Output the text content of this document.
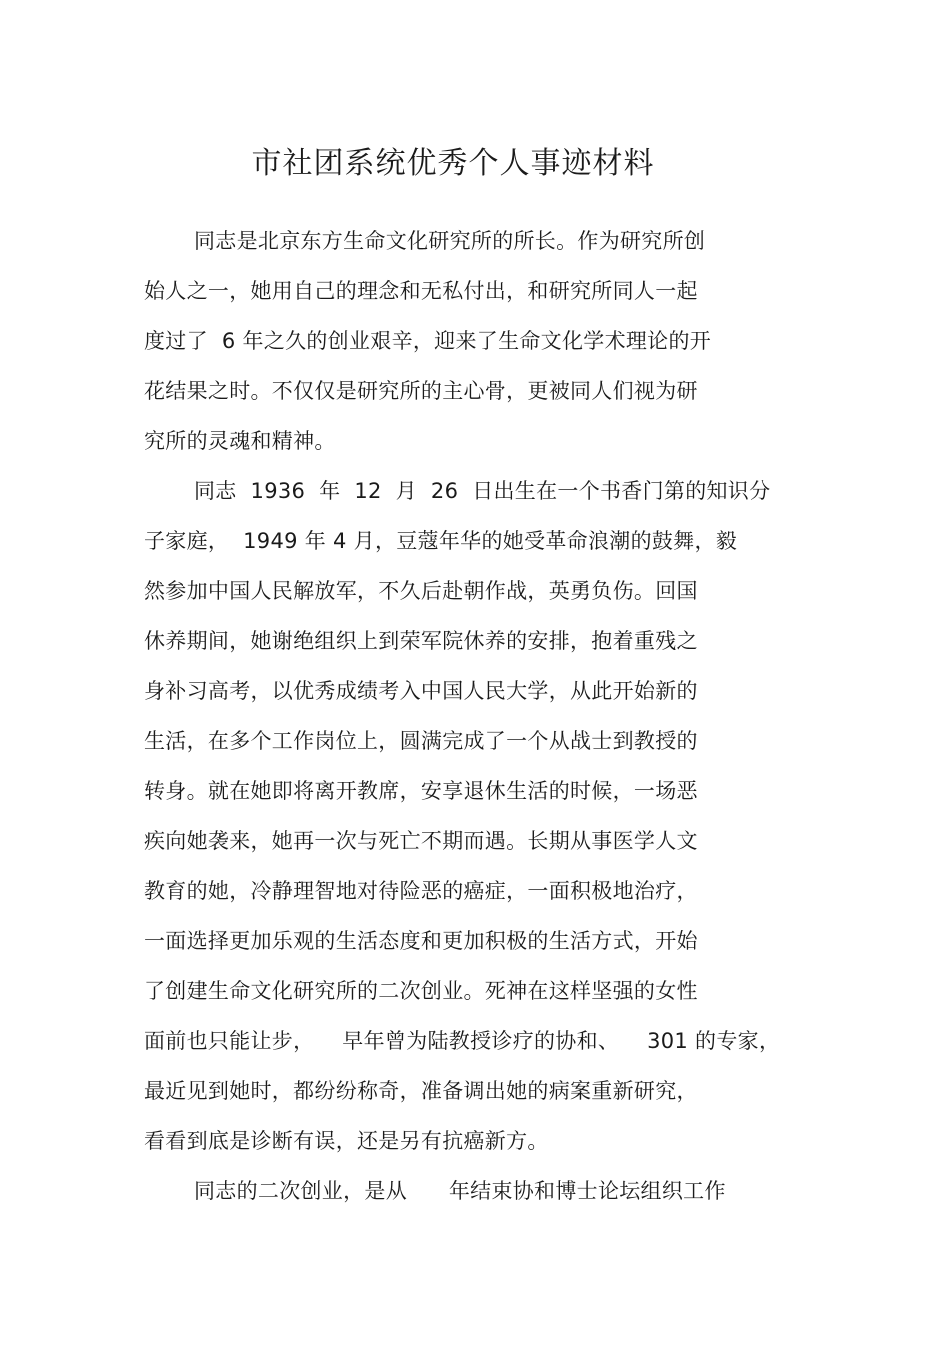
市社团系统优秀个人事迹材料
同志是北京东方生命文化研究所的所长。作为研究所创
始人之一，她用自己的理念和无私付出，和研究所同人一起
度过了  6 年之久的创业艰辛，迎来了生命文化学术理论的开
花结果之时。不仅仅是研究所的主心骨，更被同人们视为研
究所的灵魂和精神。
同志  1936  年  12  月  26  日出生在一个书香门第的知识分
子家庭，  1949 年 4 月，豆蔻年华的她受革命浪潮的鼓舞，毅
然参加中国人民解放军，不久后赴朝作战，英勇负伤。回国
休养期间，她谢绝组织上到荣军院休养的安排，抱着重残之
身补习高考，以优秀成绩考入中国人民大学，从此开始新的
生活，在多个工作岗位上，圆满完成了一个从战士到教授的
转身。就在她即将离开教席，安享退休生活的时候，一场恶
疾向她袭来，她再一次与死亡不期而遇。长期从事医学人文
教育的她，冷静理智地对待险恶的癌症，一面积极地治疗，
一面选择更加乐观的生活态度和更加积极的生活方式，开始
了创建生命文化研究所的二次创业。死神在这样坚强的女性
面前也只能让步，    早年曾为陆教授诊疗的协和、    301 的专家，
最近见到她时，都纷纷称奇，准备调出她的病案重新研究，
看看到底是诊断有误，还是另有抗癌新方。
同志的二次创业，是从      年结束协和博士论坛组织工作
